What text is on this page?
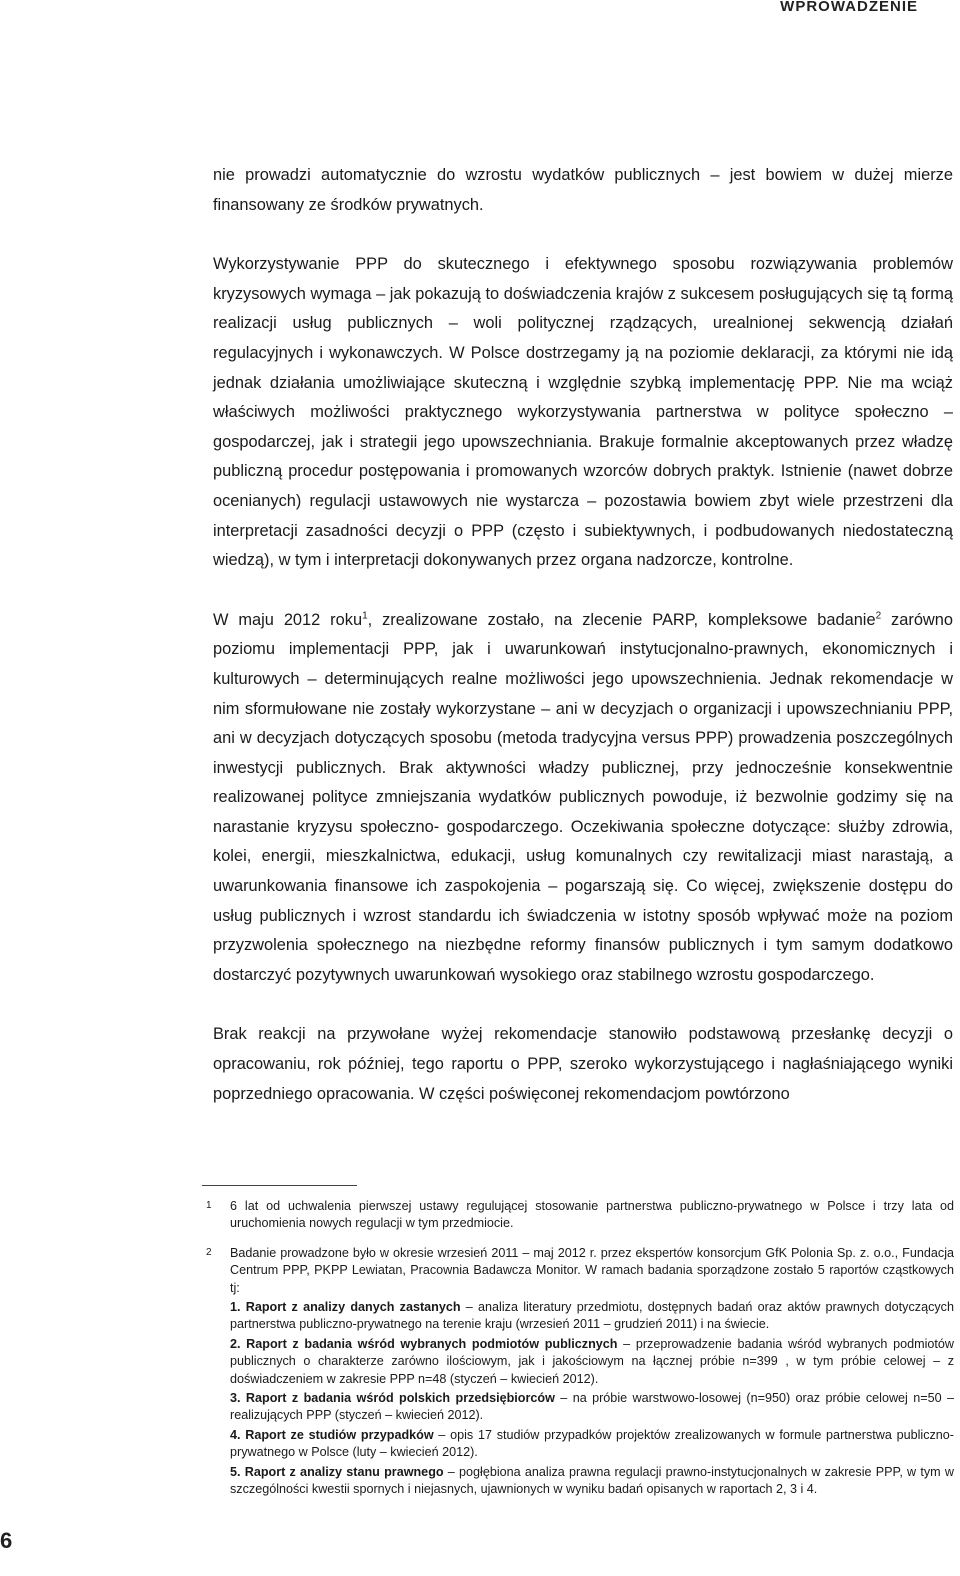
WPROWADZENIE

nie prowadzi automatycznie do wzrostu wydatków publicznych – jest bowiem w dużej mierze finansowany ze środków prywatnych.

Wykorzystywanie PPP do skutecznego i efektywnego sposobu rozwiązywania problemów kryzysowych wymaga – jak pokazują to doświadczenia krajów z sukcesem posługujących się tą formą realizacji usług publicznych – woli politycznej rządzących, urealnionej sekwencją działań regulacyjnych i wykonawczych. W Polsce dostrzegamy ją na poziomie deklaracji, za którymi nie idą jednak działania umożliwiające skuteczną i względnie szybką implementację PPP. Nie ma wciąż właściwych możliwości praktycznego wykorzystywania partnerstwa w polityce społeczno – gospodarczej, jak i strategii jego upowszechniania. Brakuje formalnie akceptowanych przez władzę publiczną procedur postępowania i promowanych wzorców dobrych praktyk. Istnienie (nawet dobrze ocenianych) regulacji ustawowych nie wystarcza – pozostawia bowiem zbyt wiele przestrzeni dla interpretacji zasadności decyzji o PPP (często i subiektywnych, i podbudowanych niedostateczną wiedzą), w tym i interpretacji dokonywanych przez organa nadzorcze, kontrolne.

W maju 2012 roku$^1$, zrealizowane zostało, na zlecenie PARP, kompleksowe badanie$^2$ zarówno poziomu implementacji PPP, jak i uwarunkowań instytucjonalno-prawnych, ekonomicznych i kulturowych – determinujących realne możliwości jego upowszechnienia. Jednak rekomendacje w nim sformułowane nie zostały wykorzystane – ani w decyzjach o organizacji i upowszechnianiu PPP, ani w decyzjach dotyczących sposobu (metoda tradycyjna versus PPP) prowadzenia poszczególnych inwestycji publicznych. Brak aktywności władzy publicznej, przy jednocześnie konsekwentnie realizowanej polityce zmniejszania wydatków publicznych powoduje, iż bezwolnie godzimy się na narastanie kryzysu społeczno- gospodarczego. Oczekiwania społeczne dotyczące: służby zdrowia, kolei, energii, mieszkalnictwa, edukacji, usług komunalnych czy rewitalizacji miast narastają, a uwarunkowania finansowe ich zaspokojenia – pogarszają się. Co więcej, zwiększenie dostępu do usług publicznych i wzrost standardu ich świadczenia w istotny sposób wpływać może na poziom przyzwolenia społecznego na niezbędne reformy finansów publicznych i tym samym dodatkowo dostarczyć pozytywnych uwarunkowań wysokiego oraz stabilnego wzrostu gospodarczego.

Brak reakcji na przywołane wyżej rekomendacje stanowiło podstawową przesłankę decyzji o opracowaniu, rok później, tego raportu o PPP, szeroko wykorzystującego i nagłaśniającego wyniki poprzedniego opracowania. W części poświęconej rekomendacjom powtórzono

1 6 lat od uchwalenia pierwszej ustawy regulującej stosowanie partnerstwa publiczno-prywatnego w Polsce i trzy lata od uruchomienia nowych regulacji w tym przedmiocie.

2 Badanie prowadzone było w okresie wrzesień 2011 – maj 2012 r. przez ekspertów konsorcjum GfK Polonia Sp. z. o.o., Fundacja Centrum PPP, PKPP Lewiatan, Pracownia Badawcza Monitor. W ramach badania sporządzone zostało 5 raportów cząstkowych tj:

1. Raport z analizy danych zastanych – analiza literatury przedmiotu, dostępnych badań oraz aktów prawnych dotyczących partnerstwa publiczno-prywatnego na terenie kraju (wrzesień 2011 – grudzień 2011) i na świecie.

2. Raport z badania wśród wybranych podmiotów publicznych – przeprowadzenie badania wśród wybranych podmiotów publicznych o charakterze zarówno ilościowym, jak i jakościowym na łącznej próbie n=399 , w tym próbie celowej – z doświadczeniem w zakresie PPP n=48 (styczeń – kwiecień 2012).

3. Raport z badania wśród polskich przedsiębiorców – na próbie warstwowo-losowej (n=950) oraz próbie celowej n=50 – realizujących PPP (styczeń – kwiecień 2012).

4. Raport ze studiów przypadków – opis 17 studiów przypadków projektów zrealizowanych w formule partnerstwa publiczno-prywatnego w Polsce (luty – kwiecień 2012).

5. Raport z analizy stanu prawnego – pogłębiona analiza prawna regulacji prawno-instytucjonalnych w zakresie PPP, w tym w szczególności kwestii spornych i niejasnych, ujawnionych w wyniku badań opisanych w raportach 2, 3 i 4.

6
